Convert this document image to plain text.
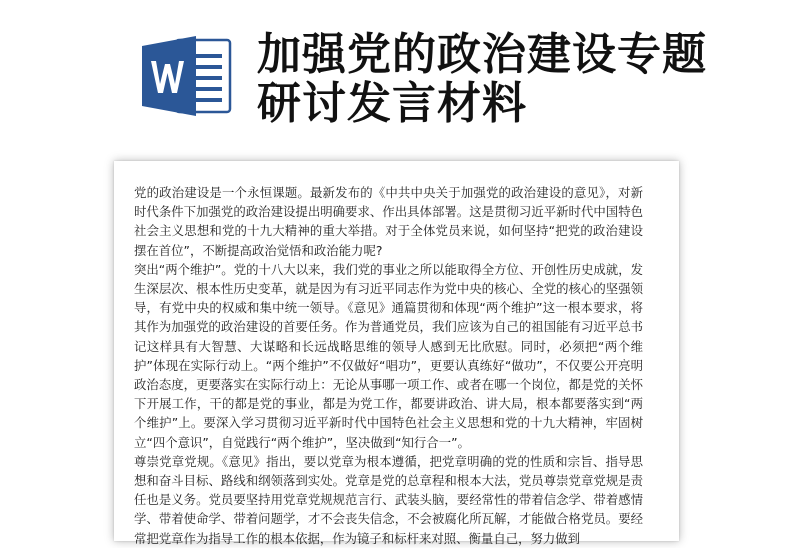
加强党的政治建设专题研讨发言材料

党的政治建设是一个永恒课题。最新发布的《中共中央关于加强党的政治建设的意见》，对新时代条件下加强党的政治建设提出明确要求、作出具体部署。这是贯彻习近平新时代中国特色社会主义思想和党的十九大精神的重大举措。对于全体党员来说，如何坚持“把党的政治建设摆在首位”，不断提高政治觉悟和政治能力呢?

突出“两个维护”。党的十八大以来，我们党的事业之所以能取得全方位、开创性历史成就，发生深层次、根本性历史变革，就是因为有习近平同志作为党中央的核心、全党的核心的坚强领导，有党中央的权威和集中统一领导。《意见》通篇贯彻和体现“两个维护”这一根本要求，将其作为加强党的政治建设的首要任务。作为普通党员，我们应该为自己的祖国能有习近平总书记这样具有大智慧、大谋略和长远战略思维的领导人感到无比欣慰。同时，必须把“两个维护”体现在实际行动上。“两个维护”不仅做好“唱功”，更要认真练好“做功”，不仅要公开亮明政治态度，更要落实在实际行动上：无论从事哪一项工作、或者在哪一个岗位，都是党的关怀下开展工作，干的都是党的事业，都是为党工作，都要讲政治、讲大局，根本都要落实到“两个维护”上。要深入学习贯彻习近平新时代中国特色社会主义思想和党的十九大精神，牢固树立“四个意识”，自觉践行“两个维护”，坚决做到“知行合一”。

尊崇党章党规。《意见》指出，要以党章为根本遵循，把党章明确的党的性质和宗旨、指导思想和奋斗目标、路线和纲领落到实处。党章是党的总章程和根本大法，党员尊崇党章党规是责任也是义务。党员要坚持用党章党规规范言行、武装头脑，要经常性的带着信念学、带着感情学、带着使命学、带着问题学，才不会丧失信念，不会被腐化所瓦解，才能做合格党员。要经常把党章作为指导工作的根本依据，作为镜子和标杆来对照、衡量自己，努力做到
